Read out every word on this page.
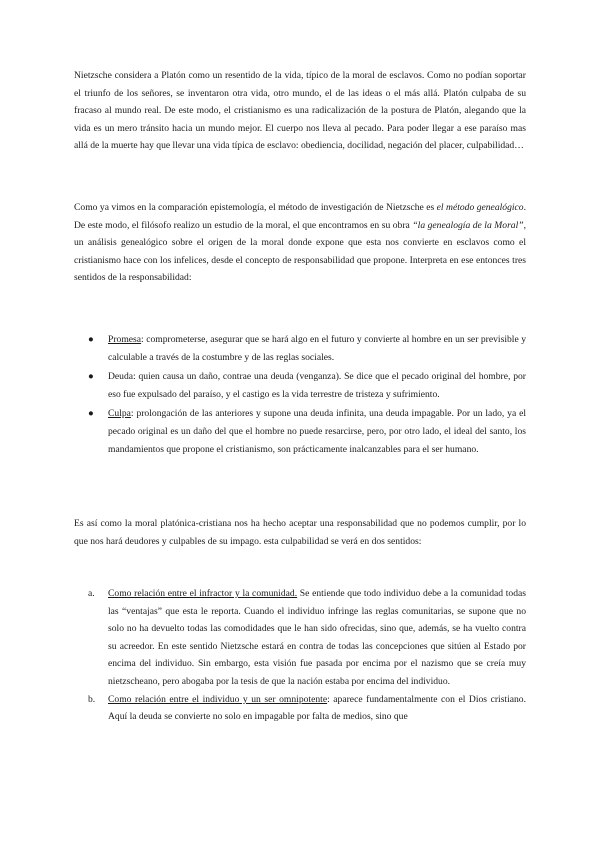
Nietzsche considera a Platón como un resentido de la vida, típico de la moral de esclavos. Como no podían soportar el triunfo de los señores, se inventaron otra vida, otro mundo, el de las ideas o el más allá. Platón culpaba de su fracaso al mundo real. De este modo, el cristianismo es una radicalización de la postura de Platón, alegando que la vida es un mero tránsito hacia un mundo mejor. El cuerpo nos lleva al pecado. Para poder llegar a ese paraíso mas allá de la muerte hay que llevar una vida típica de esclavo: obediencia, docilidad, negación del placer, culpabilidad…

Como ya vimos en la comparación epistemología, el método de investigación de Nietzsche es el método genealógico. De este modo, el filósofo realizo un estudio de la moral, el que encontramos en su obra “la genealogía de la Moral”, un análisis genealógico sobre el origen de la moral donde expone que esta nos convierte en esclavos como el cristianismo hace con los infelices, desde el concepto de responsabilidad que propone. Interpreta en ese entonces tres sentidos de la responsabilidad:

● Promesa: comprometerse, asegurar que se hará algo en el futuro y convierte al hombre en un ser previsible y calculable a través de la costumbre y de las reglas sociales.
● Deuda: quien causa un daño, contrae una deuda (venganza). Se dice que el pecado original del hombre, por eso fue expulsado del paraíso, y el castigo es la vida terrestre de tristeza y sufrimiento.
● Culpa: prolongación de las anteriores y supone una deuda infinita, una deuda impagable. Por un lado, ya el pecado original es un daño del que el hombre no puede resarcirse, pero, por otro lado, el ideal del santo, los mandamientos que propone el cristianismo, son prácticamente inalcanzables para el ser humano.

Es así como la moral platónica-cristiana nos ha hecho aceptar una responsabilidad que no podemos cumplir, por lo que nos hará deudores y culpables de su impago. esta culpabilidad se verá en dos sentidos:

a. Como relación entre el infractor y la comunidad. Se entiende que todo individuo debe a la comunidad todas las “ventajas” que esta le reporta. Cuando el individuo infringe las reglas comunitarias, se supone que no solo no ha devuelto todas las comodidades que le han sido ofrecidas, sino que, además, se ha vuelto contra su acreedor. En este sentido Nietzsche estará en contra de todas las concepciones que sitúen al Estado por encima del individuo. Sin embargo, esta visión fue pasada por encima por el nazismo que se creía muy nietzscheano, pero abogaba por la tesis de que la nación estaba por encima del individuo.
b. Como relación entre el individuo y un ser omnipotente: aparece fundamentalmente con el Dios cristiano. Aquí la deuda se convierte no solo en impagable por falta de medios, sino que
